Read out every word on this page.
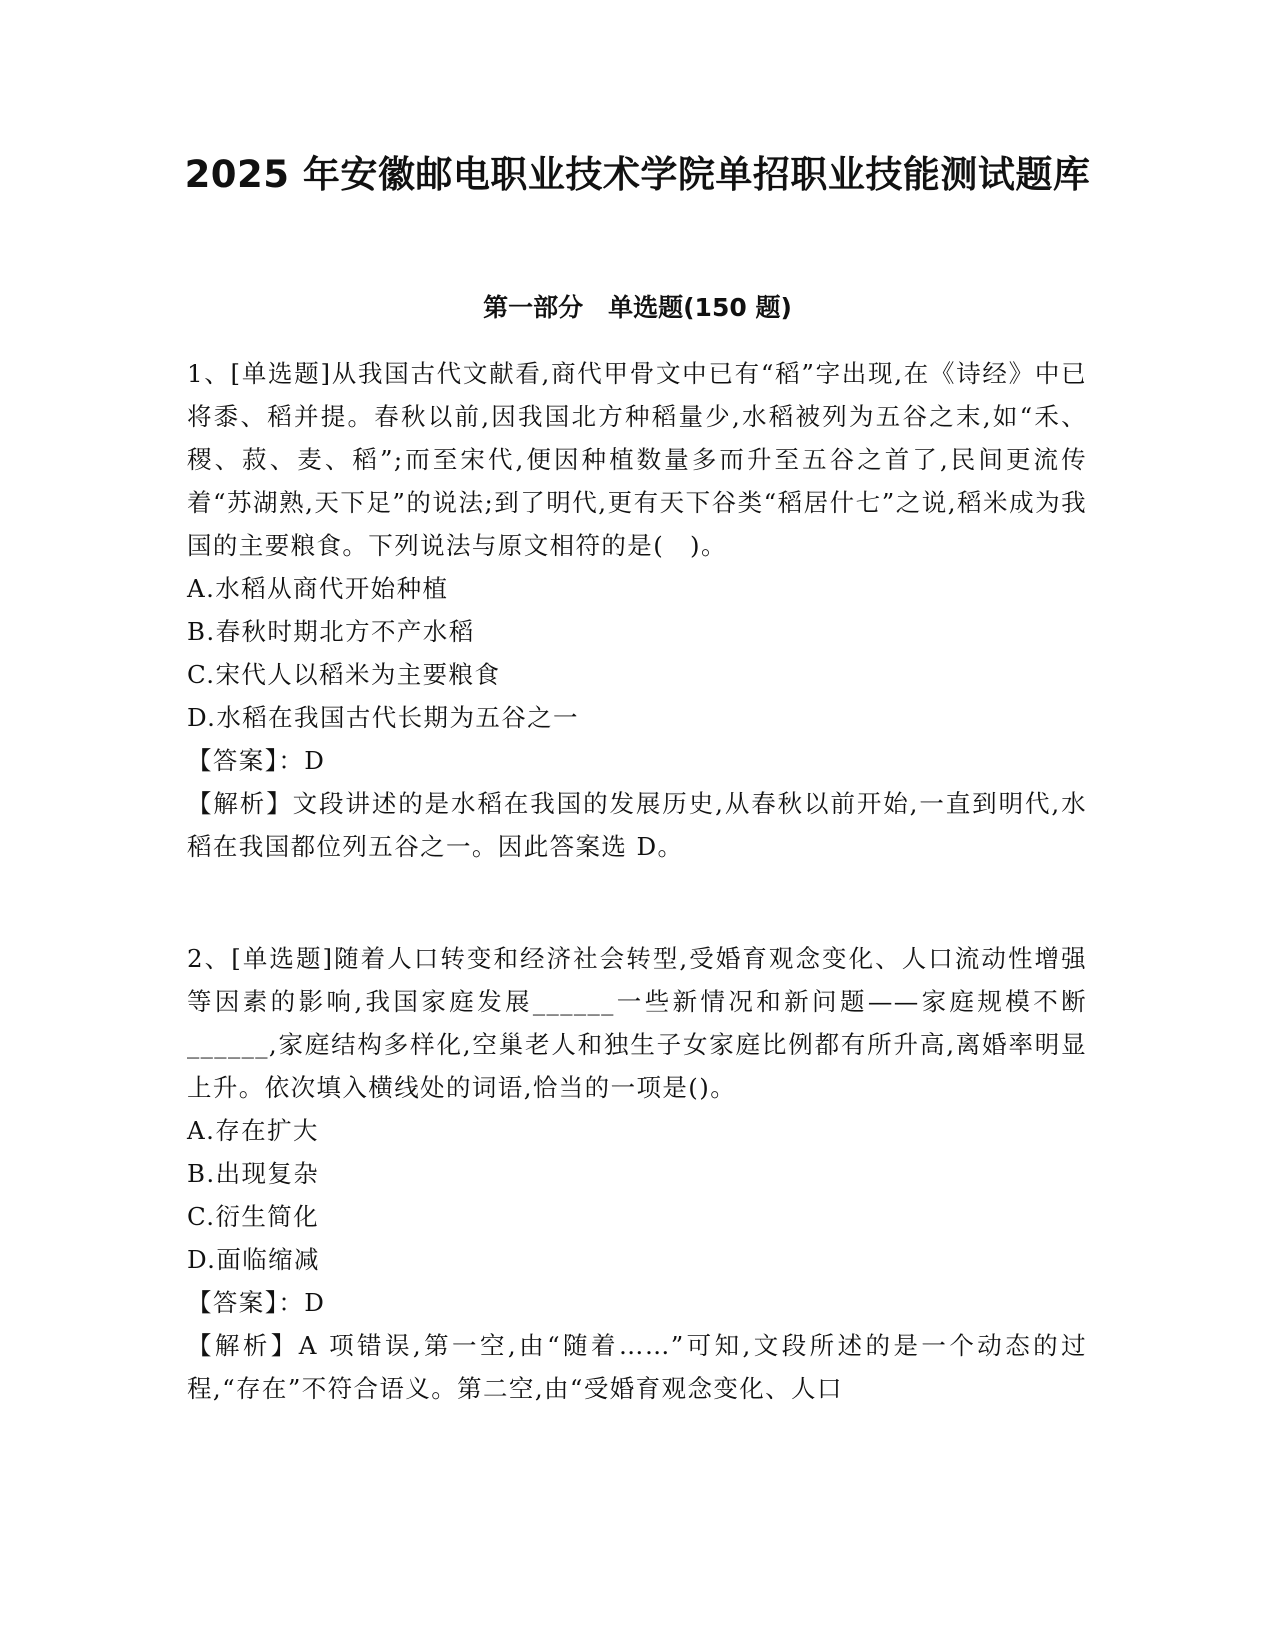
2025 年安徽邮电职业技术学院单招职业技能测试题库
第一部分　单选题(150 题)

1、[单选题]从我国古代文献看,商代甲骨文中已有“稻”字出现,在《诗经》中已将黍、稻并提。春秋以前,因我国北方种稻量少,水稻被列为五谷之末,如“禾、稷、菽、麦、稻”;而至宋代,便因种植数量多而升至五谷之首了,民间更流传着“苏湖熟,天下足”的说法;到了明代,更有天下谷类“稻居什七”之说,稻米成为我国的主要粮食。下列说法与原文相符的是(　)。

A.水稻从商代开始种植

B.春秋时期北方不产水稻

C.宋代人以稻米为主要粮食

D.水稻在我国古代长期为五谷之一

【答案】：D

【解析】文段讲述的是水稻在我国的发展历史,从春秋以前开始,一直到明代,水稻在我国都位列五谷之一。因此答案选 D。

2、[单选题]随着人口转变和经济社会转型,受婚育观念变化、人口流动性增强等因素的影响,我国家庭发展______一些新情况和新问题——家庭规模不断______,家庭结构多样化,空巢老人和独生子女家庭比例都有所升高,离婚率明显上升。依次填入横线处的词语,恰当的一项是()。

A.存在扩大

B.出现复杂

C.衍生简化

D.面临缩减

【答案】：D

【解析】A 项错误,第一空,由“随着……”可知,文段所述的是一个动态的过程,“存在”不符合语义。第二空,由“受婚育观念变化、人口
